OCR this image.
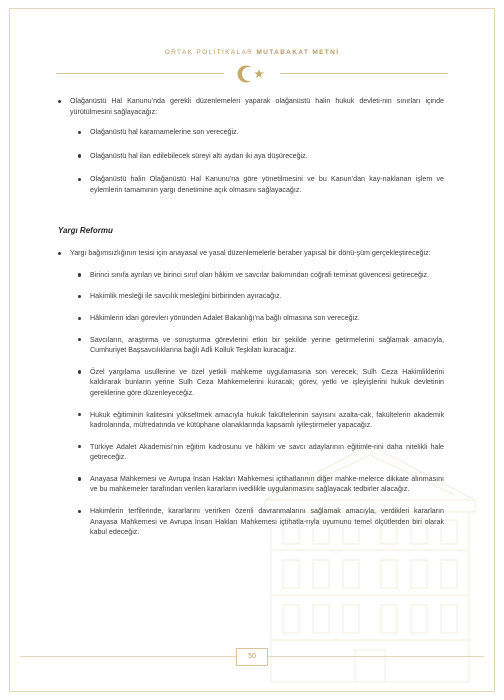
ORTAK POLİTİKALAR MUTABAKAT METNİ

Olağanüstü Hal Kanunu’nda gerekli düzenlemeleri yaparak olağanüstü halin hukuk devleti-nin sınırları içinde yürütülmesini sağlayacağız:

Olağanüstü hal kararnamelerine son vereceğiz.

Olağanüstü hal ilan edilebilecek süreyi altı aydan iki aya düşüreceğiz.

Olağanüstü halin Olağanüstü Hal Kanunu’na göre yönetilmesini ve bu Kanun’dan kay-naklanan işlem ve eylemlerin tamamının yargı denetimine açık olmasını sağlayacağız.

Yargı Reformu

Yargı bağımsızlığının tesisi için anayasal ve yasal düzenlemelerle beraber yapısal bir dönü-şüm gerçekleştireceğiz:

Birinci sınıfa ayrılan ve birinci sınıf olan hâkim ve savcılar bakımından coğrafi teminat güvencesi getireceğiz.

Hakimlik mesleği ile savcılık mesleğini birbirinden ayıracağız.

Hâkimlerin idari görevleri yönünden Adalet Bakanlığı’na bağlı olmasına son vereceğiz.

Savcıların, araştırma ve soruşturma görevlerini etkin bir şekilde yerine getirmelerini sağlamak amacıyla, Cumhuriyet Başsavcılıklarına bağlı Adli Kolluk Teşkilatı kuracağız.

Özel yargılama usullerine ve özel yetkili mahkeme uygulamasına son verecek, Sulh Ceza Hakimliklerini kaldırarak bunların yerine Sulh Ceza Mahkemelerini kuracak; görev, yetki ve işleyişlerini hukuk devletinin gereklerine göre düzenleyeceğiz.

Hukuk eğitiminin kalitesini yükseltmek amacıyla hukuk fakültelerinin sayısını azalta-cak, fakültelerin akademik kadrolarında, müfredatında ve kütüphane olanaklarında kapsamlı iyileştirmeler yapacağız.

Türkiye Adalet Akademisi’nin eğitim kadrosunu ve hâkim ve savcı adaylarının eğitimle-rini daha nitelikli hale getireceğiz.

Anayasa Mahkemesi ve Avrupa İnsan Hakları Mahkemesi içtihatlarının diğer mahke-melerce dikkate alınmasını ve bu mahkemeler tarafından verilen kararların ivedilikle uygulanmasını sağlayacak tedbirler alacağız.

Hakimlerin terfilerinde, kararlarını verirken özenli davranmalarını sağlamak amacıyla, verdikleri kararların Anayasa Mahkemesi ve Avrupa İnsan Hakları Mahkemesi içtihatla-rıyla uyumunu temel ölçütlerden biri olarak kabul edeceğiz.

50
